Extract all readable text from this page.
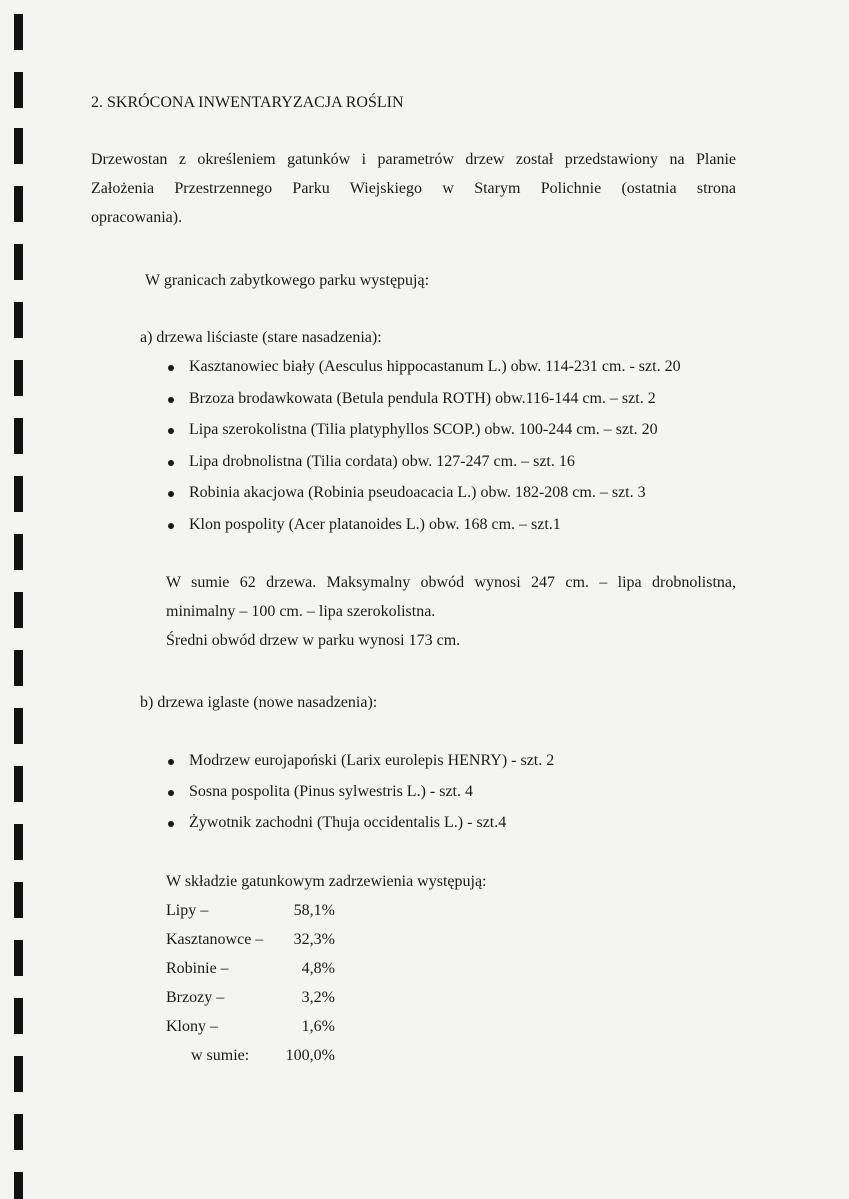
2. SKRÓCONA INWENTARYZACJA ROŚLIN
Drzewostan z określeniem gatunków i parametrów drzew został przedstawiony na Planie
Założenia Przestrzennego Parku Wiejskiego w Starym Polichnie (ostatnia strona
opracowania).
W granicach zabytkowego parku występują:
a) drzewa liściaste (stare nasadzenia):
Kasztanowiec biały (Aesculus hippocastanum L.) obw. 114-231 cm. - szt. 20
Brzoza brodawkowata (Betula pendula ROTH) obw.116-144 cm. – szt. 2
Lipa szerokolistna (Tilia platyphyllos SCOP.) obw. 100-244 cm. – szt. 20
Lipa drobnolistna (Tilia cordata) obw. 127-247 cm. – szt. 16
Robinia akacjowa (Robinia pseudoacacia L.) obw. 182-208 cm. – szt. 3
Klon pospolity (Acer platanoides L.) obw. 168 cm. – szt.1
W sumie 62 drzewa. Maksymalny obwód wynosi 247 cm. – lipa drobnolistna,
minimalny – 100 cm. – lipa szerokolistna.
Średni obwód drzew w parku wynosi 173 cm.
b) drzewa iglaste (nowe nasadzenia):
Modrzew eurojapoński (Larix eurolepis HENRY) - szt. 2
Sosna pospolita (Pinus sylwestris L.) - szt. 4
Żywotnik zachodni (Thuja occidentalis L.) - szt.4
W składzie gatunkowym zadrzewienia występują:
Lipy –	58,1%
Kasztanowce –	32,3%
Robinie –	4,8%
Brzozy –	3,2%
Klony –	1,6%
w sumie:	100,0%
